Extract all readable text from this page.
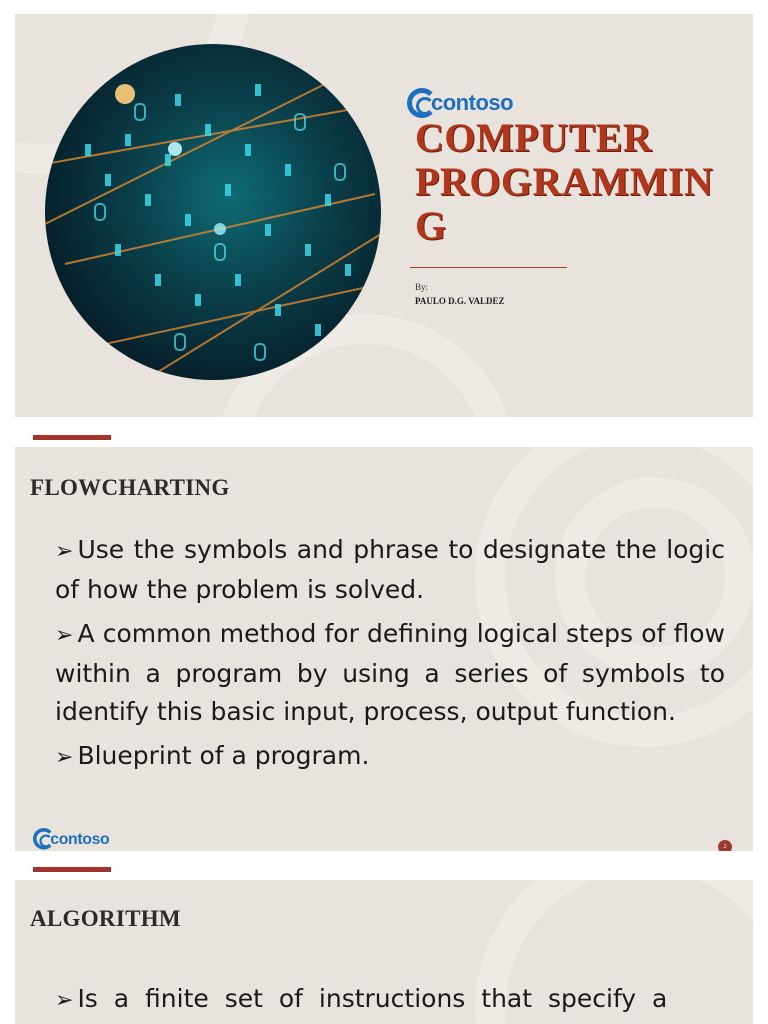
contoso
COMPUTER PROGRAMMIN G
By:
PAULO D.G. VALDEZ
FLOWCHARTING
➢ Use the symbols and phrase to designate the logic of how the problem is solved.
➢ A common method for defining logical steps of flow within a program by using a series of symbols to identify this basic input, process, output function.
➢ Blueprint of a program.
contoso	2
ALGORITHM
➢ Is a finite set of instructions that specify a
